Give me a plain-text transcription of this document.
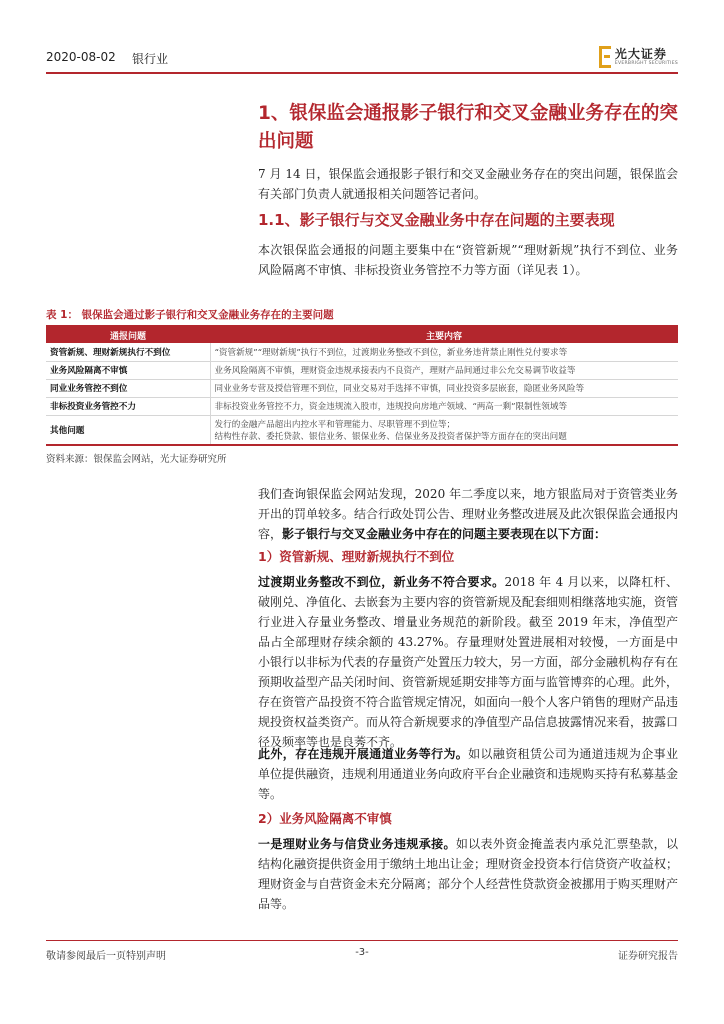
2020-08-02 银行业	光大证券
EVERBRIGHT SECURITIES
1、银保监会通报影子银行和交叉金融业务存在的突出问题
7 月 14 日，银保监会通报影子银行和交叉金融业务存在的突出问题，银保监会有关部门负责人就通报相关问题答记者问。
1.1、影子银行与交叉金融业务中存在问题的主要表现
本次银保监会通报的问题主要集中在“资管新规”“理财新规”执行不到位、业务风险隔离不审慎、非标投资业务管控不力等方面（详见表 1）。
表 1： 银保监会通过影子银行和交叉金融业务存在的主要问题
通报问题	主要内容
资管新规、理财新规执行不到位	“资管新规”“理财新规”执行不到位，过渡期业务整改不到位，新业务违背禁止刚性兑付要求等
业务风险隔离不审慎	业务风险隔离不审慎，理财资金违规承接表内不良资产，理财产品间通过非公允交易调节收益等
同业业务管控不到位	同业业务专营及授信管理不到位，同业交易对手选择不审慎，同业投资多层嵌套，隐匿业务风险等
非标投资业务管控不力	非标投资业务管控不力，资金违规流入股市，违规投向房地产领域、“两高一剩”限制性领域等
其他问题	发行的金融产品超出内控水平和管理能力、尽职管理不到位等；
结构性存款、委托贷款、银信业务、银保业务、信保业务及投资者保护等方面存在的突出问题
资料来源：银保监会网站，光大证券研究所
我们查询银保监会网站发现，2020 年二季度以来，地方银监局对于资管类业务开出的罚单较多。结合行政处罚公告、理财业务整改进展及此次银保监会通报内容，影子银行与交叉金融业务中存在的问题主要表现在以下方面：
1）资管新规、理财新规执行不到位
过渡期业务整改不到位，新业务不符合要求。2018 年 4 月以来，以降杠杆、破刚兑、净值化、去嵌套为主要内容的资管新规及配套细则相继落地实施，资管行业进入存量业务整改、增量业务规范的新阶段。截至 2019 年末，净值型产品占全部理财存续余额的 43.27%。存量理财处置进展相对较慢，一方面是中小银行以非标为代表的存量资产处置压力较大，另一方面，部分金融机构存有在预期收益型产品关闭时间、资管新规延期安排等方面与监管博弈的心理。此外，存在资管产品投资不符合监管规定情况，如面向一般个人客户销售的理财产品违规投资权益类资产。而从符合新规要求的净值型产品信息披露情况来看，披露口径及频率等也是良莠不齐。
此外，存在违规开展通道业务等行为。如以融资租赁公司为通道违规为企事业单位提供融资，违规利用通道业务向政府平台企业融资和违规购买持有私募基金等。
2）业务风险隔离不审慎
一是理财业务与信贷业务违规承接。如以表外资金掩盖表内承兑汇票垫款，以结构化融资提供资金用于缴纳土地出让金；理财资金投资本行信贷资产收益权；理财资金与自营资金未充分隔离；部分个人经营性贷款资金被挪用于购买理财产品等。
敬请参阅最后一页特别声明	-3-	证券研究报告
